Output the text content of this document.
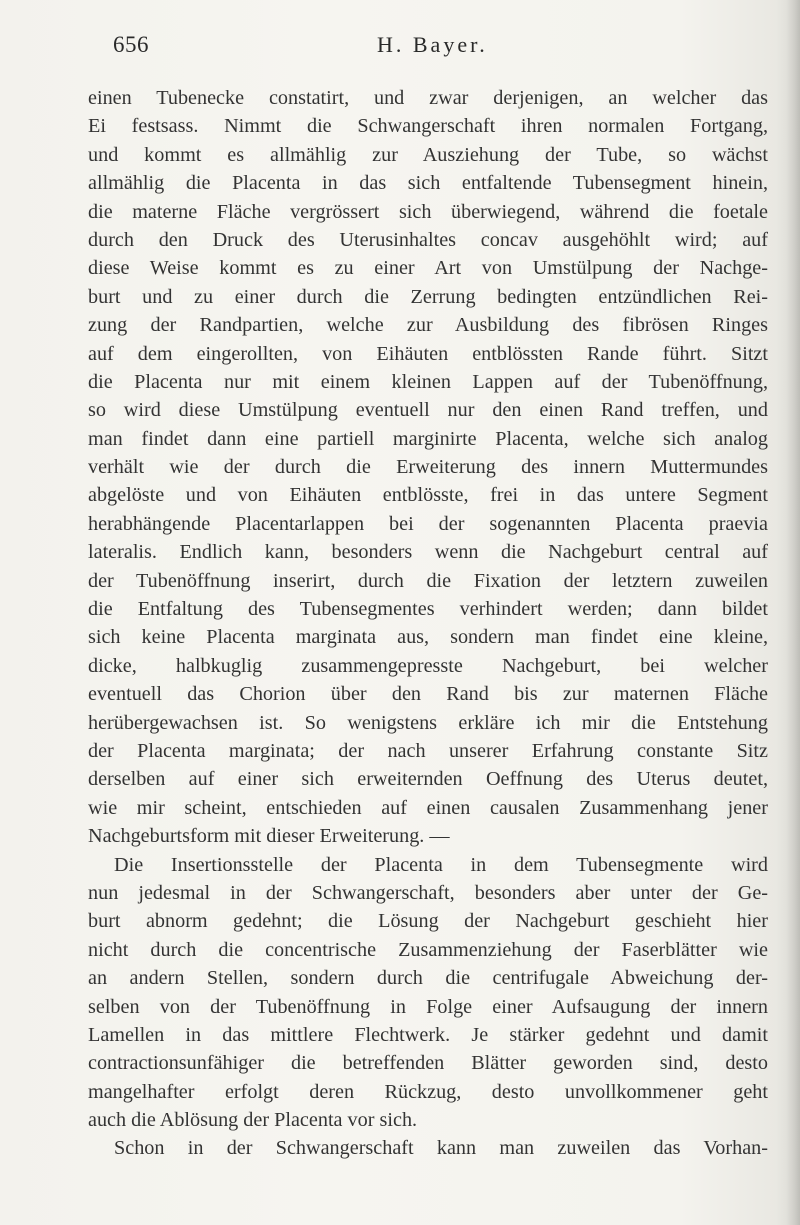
656	H. Bayer.
einen Tubenecke constatirt, und zwar derjenigen, an welcher das
Ei festsass. Nimmt die Schwangerschaft ihren normalen Fortgang,
und kommt es allmählig zur Ausziehung der Tube, so wächst
allmählig die Placenta in das sich entfaltende Tubensegment hinein,
die materne Fläche vergrössert sich überwiegend, während die foetale
durch den Druck des Uterusinhaltes concav ausgehöhlt wird; auf
diese Weise kommt es zu einer Art von Umstülpung der Nachge-
burt und zu einer durch die Zerrung bedingten entzündlichen Rei-
zung der Randpartien, welche zur Ausbildung des fibrösen Ringes
auf dem eingerollten, von Eihäuten entblössten Rande führt. Sitzt
die Placenta nur mit einem kleinen Lappen auf der Tubenöffnung,
so wird diese Umstülpung eventuell nur den einen Rand treffen, und
man findet dann eine partiell marginirte Placenta, welche sich analog
verhält wie der durch die Erweiterung des innern Muttermundes
abgelöste und von Eihäuten entblösste, frei in das untere Segment
herabhängende Placentarlappen bei der sogenannten Placenta praevia
lateralis. Endlich kann, besonders wenn die Nachgeburt central auf
der Tubenöffnung inserirt, durch die Fixation der letztern zuweilen
die Entfaltung des Tubensegmentes verhindert werden; dann bildet
sich keine Placenta marginata aus, sondern man findet eine kleine,
dicke, halbkuglig zusammengepresste Nachgeburt, bei welcher
eventuell das Chorion über den Rand bis zur maternen Fläche
herübergewachsen ist. So wenigstens erkläre ich mir die Entstehung
der Placenta marginata; der nach unserer Erfahrung constante Sitz
derselben auf einer sich erweiternden Oeffnung des Uterus deutet,
wie mir scheint, entschieden auf einen causalen Zusammenhang jener
Nachgeburtsform mit dieser Erweiterung. —
Die Insertionsstelle der Placenta in dem Tubensegmente wird
nun jedesmal in der Schwangerschaft, besonders aber unter der Ge-
burt abnorm gedehnt; die Lösung der Nachgeburt geschieht hier
nicht durch die concentrische Zusammenziehung der Faserblätter wie
an andern Stellen, sondern durch die centrifugale Abweichung der-
selben von der Tubenöffnung in Folge einer Aufsaugung der innern
Lamellen in das mittlere Flechtwerk. Je stärker gedehnt und damit
contractionsunfähiger die betreffenden Blätter geworden sind, desto
mangelhafter erfolgt deren Rückzug, desto unvollkommener geht
auch die Ablösung der Placenta vor sich.
Schon in der Schwangerschaft kann man zuweilen das Vorhan-
